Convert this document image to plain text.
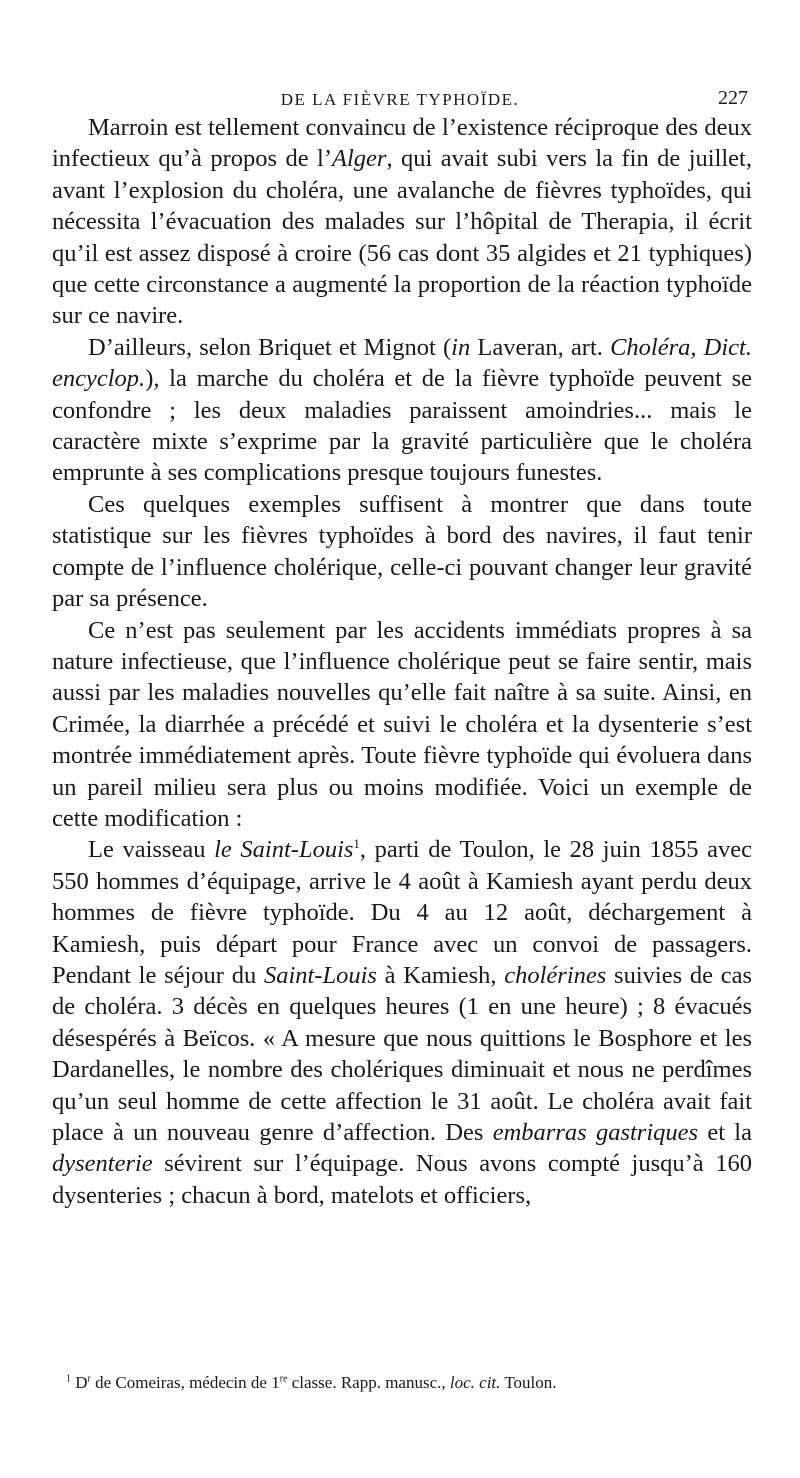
DE LA FIÈVRE TYPHOÏDE.	227

Marroin est tellement convaincu de l’existence réciproque des deux infectieux qu’à propos de l’Alger, qui avait subi vers la fin de juillet, avant l’explosion du choléra, une avalanche de fièvres typhoïdes, qui nécessita l’évacuation des malades sur l’hôpital de Therapia, il écrit qu’il est assez disposé à croire (56 cas dont 35 algides et 21 typhiques) que cette circonstance a augmenté la proportion de la réaction typhoïde sur ce navire.

D’ailleurs, selon Briquet et Mignot (in Laveran, art. Choléra, Dict. encyclop.), la marche du choléra et de la fièvre typhoïde peuvent se confondre ; les deux maladies paraissent amoindries... mais le caractère mixte s’exprime par la gravité particulière que le choléra emprunte à ses complications presque toujours funestes.

Ces quelques exemples suffisent à montrer que dans toute statistique sur les fièvres typhoïdes à bord des navires, il faut tenir compte de l’influence cholérique, celle-ci pouvant changer leur gravité par sa présence.

Ce n’est pas seulement par les accidents immédiats propres à sa nature infectieuse, que l’influence cholérique peut se faire sentir, mais aussi par les maladies nouvelles qu’elle fait naître à sa suite. Ainsi, en Crimée, la diarrhée a précédé et suivi le choléra et la dysenterie s’est montrée immédiatement après. Toute fièvre typhoïde qui évoluera dans un pareil milieu sera plus ou moins modifiée. Voici un exemple de cette modification :

Le vaisseau le Saint-Louis$^1$, parti de Toulon, le 28 juin 1855 avec 550 hommes d’équipage, arrive le 4 août à Kamiesh ayant perdu deux hommes de fièvre typhoïde. Du 4 au 12 août, déchargement à Kamiesh, puis départ pour France avec un convoi de passagers. Pendant le séjour du Saint-Louis à Kamiesh, cholérines suivies de cas de choléra. 3 décès en quelques heures (1 en une heure) ; 8 évacués désespérés à Beïcos. « A mesure que nous quittions le Bosphore et les Dardanelles, le nombre des cholériques diminuait et nous ne perdîmes qu’un seul homme de cette affection le 31 août. Le choléra avait fait place à un nouveau genre d’affection. Des embarras gastriques et la dysenterie sévirent sur l’équipage. Nous avons compté jusqu’à 160 dysenteries ; chacun à bord, matelots et officiers,

$^1$ $D^r$ de Comeiras, médecin de 1re classe. Rapp. manusc., loc. cit. Toulon.
